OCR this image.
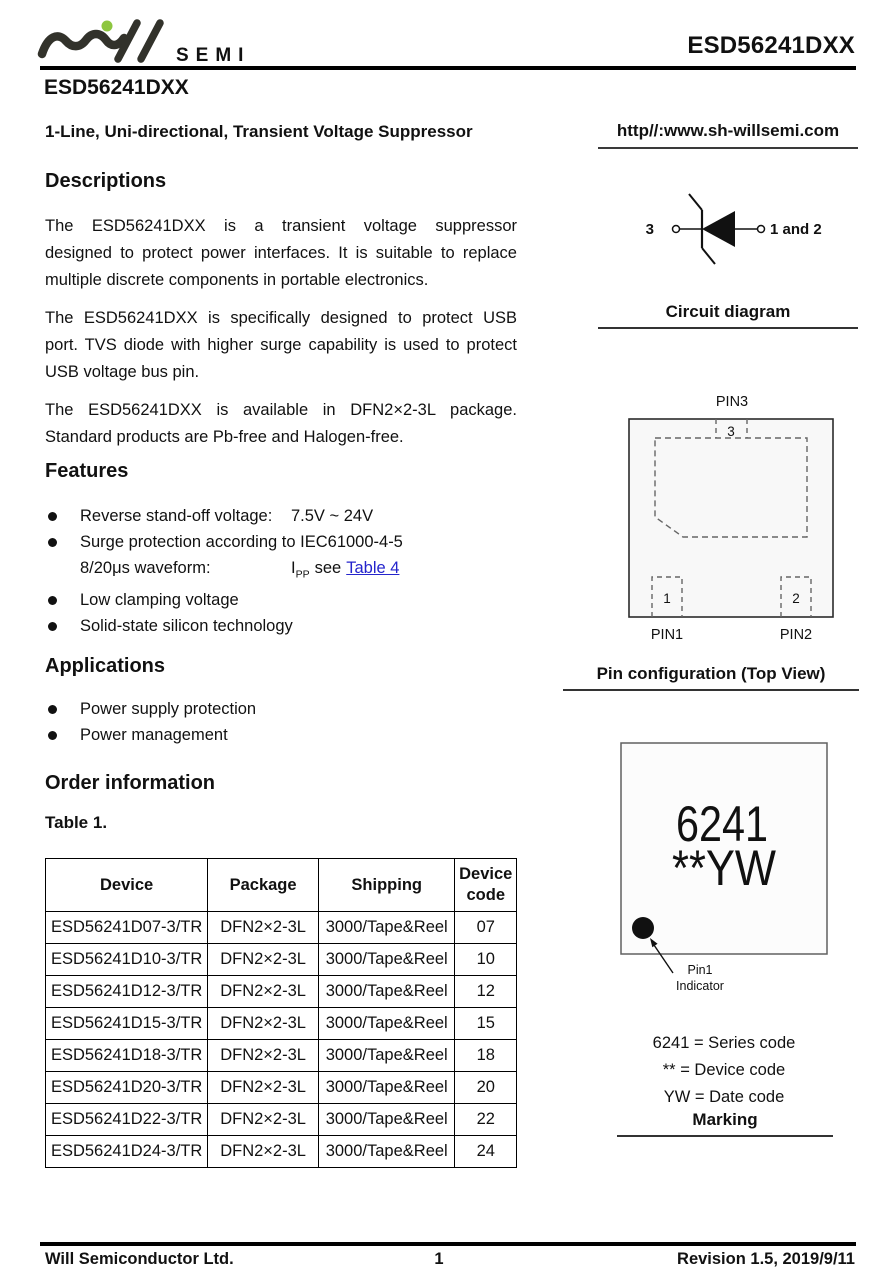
SEMI	ESD56241DXX
ESD56241DXX
1-Line, Uni-directional, Transient Voltage Suppressor
Descriptions
The ESD56241DXX is a transient voltage suppressor
designed to protect power interfaces. It is suitable to replace
multiple discrete components in portable electronics.
The ESD56241DXX is specifically designed to protect USB
port. TVS diode with higher surge capability is used to protect
USB voltage bus pin.
The ESD56241DXX is available in DFN2×2-3L package.
Standard products are Pb-free and Halogen-free.
Features
Reverse stand-off voltage: 7.5V ~ 24V
Surge protection according to IEC61000-4-5
8/20μs waveform:	$I_{PP}$ see Table 4
Low clamping voltage
Solid-state silicon technology
Applications
Power supply protection
Power management
Order information
Table 1.
Device	Package	Shipping	Device code
ESD56241D07-3/TR	DFN2×2-3L	3000/Tape&Reel	07
ESD56241D10-3/TR	DFN2×2-3L	3000/Tape&Reel	10
ESD56241D12-3/TR	DFN2×2-3L	3000/Tape&Reel	12
ESD56241D15-3/TR	DFN2×2-3L	3000/Tape&Reel	15
ESD56241D18-3/TR	DFN2×2-3L	3000/Tape&Reel	18
ESD56241D20-3/TR	DFN2×2-3L	3000/Tape&Reel	20
ESD56241D22-3/TR	DFN2×2-3L	3000/Tape&Reel	22
ESD56241D24-3/TR	DFN2×2-3L	3000/Tape&Reel	24
http//:www.sh-willsemi.com
3	1 and 2
Circuit diagram
PIN3
3
1	2
PIN1	PIN2
Pin configuration (Top View)
6241
**YW
Pin1
Indicator
6241 = Series code
** = Device code
YW = Date code
Marking
Will Semiconductor Ltd.	1	Revision 1.5, 2019/9/11
